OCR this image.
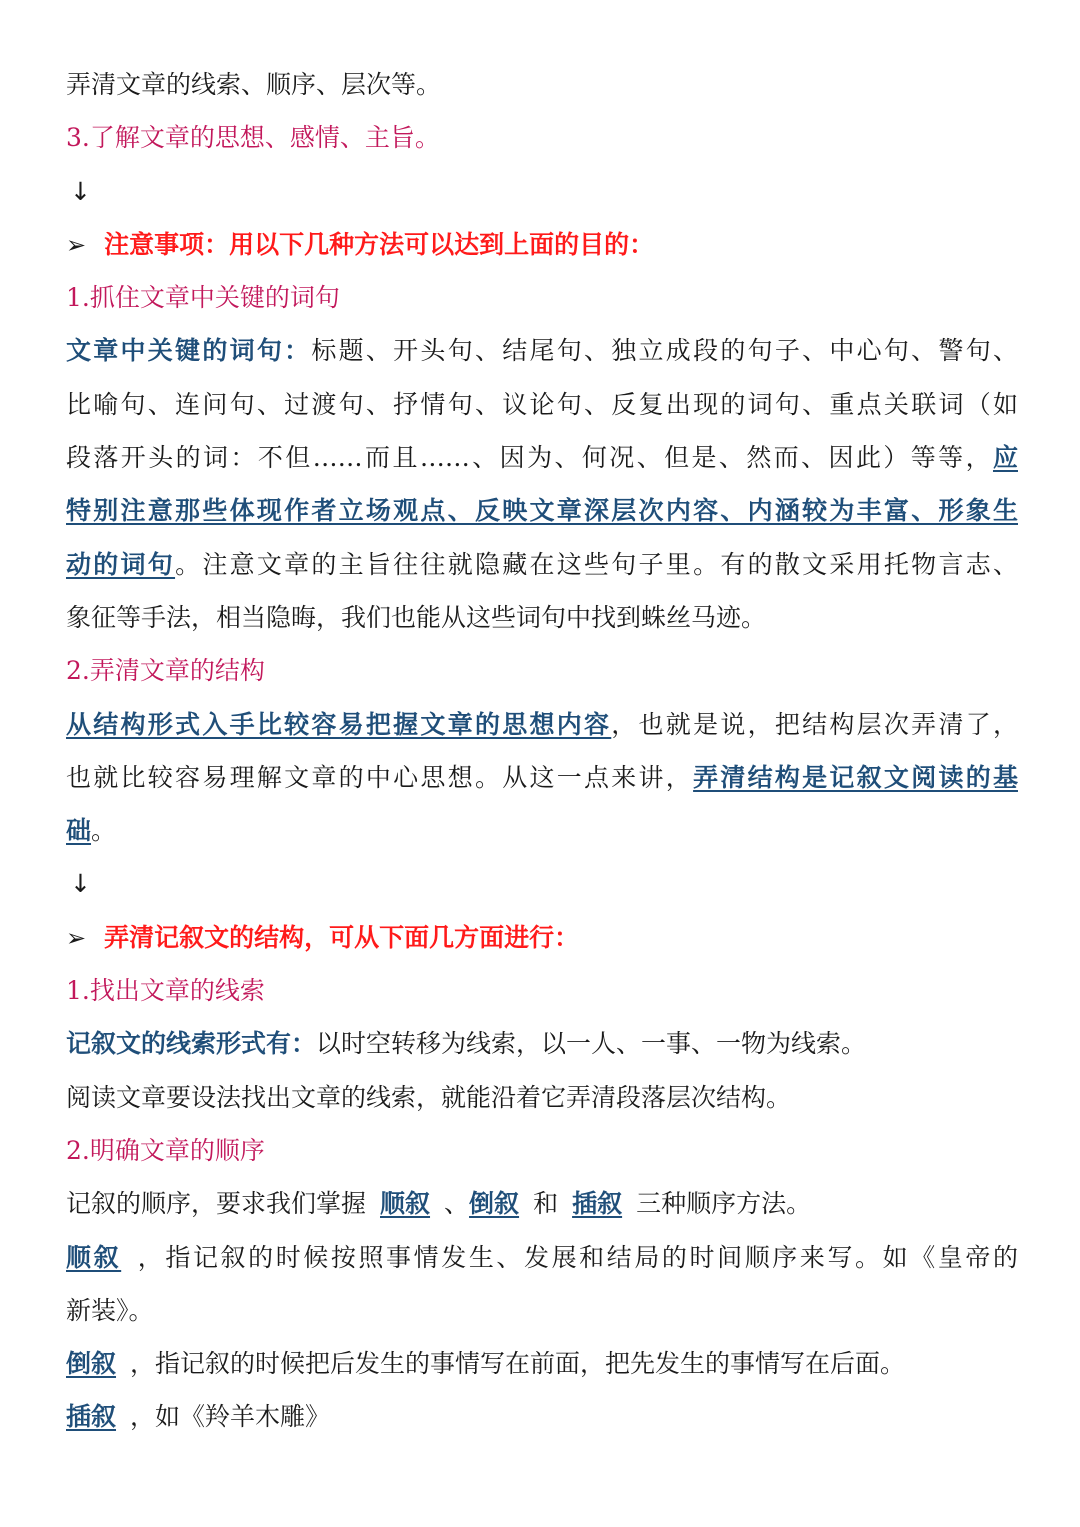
弄清文章的线索、顺序、层次等。
3.了解文章的思想、感情、主旨。
↓
➢ 注意事项：用以下几种方法可以达到上面的目的：
1.抓住文章中关键的词句
文章中关键的词句：标题、开头句、结尾句、独立成段的句子、中心句、警句、
比喻句、连问句、过渡句、抒情句、议论句、反复出现的词句、重点关联词（如
段落开头的词：不但……而且……、因为、何况、但是、然而、因此）等等，应
特别注意那些体现作者立场观点、反映文章深层次内容、内涵较为丰富、形象生
动的词句。注意文章的主旨往往就隐藏在这些句子里。有的散文采用托物言志、
象征等手法，相当隐晦，我们也能从这些词句中找到蛛丝马迹。
2.弄清文章的结构
从结构形式入手比较容易把握文章的思想内容，也就是说，把结构层次弄清了，
也就比较容易理解文章的中心思想。从这一点来讲，弄清结构是记叙文阅读的基
础。
↓
➢ 弄清记叙文的结构，可从下面几方面进行：
1.找出文章的线索
记叙文的线索形式有：以时空转移为线索，以一人、一事、一物为线索。
阅读文章要设法找出文章的线索，就能沿着它弄清段落层次结构。
2.明确文章的顺序
记叙的顺序，要求我们掌握 顺叙 、倒叙 和 插叙 三种顺序方法。
顺叙 ，指记叙的时候按照事情发生、发展和结局的时间顺序来写。如《皇帝的
新装》。
倒叙 ，指记叙的时候把后发生的事情写在前面，把先发生的事情写在后面。
插叙 ，如《羚羊木雕》
